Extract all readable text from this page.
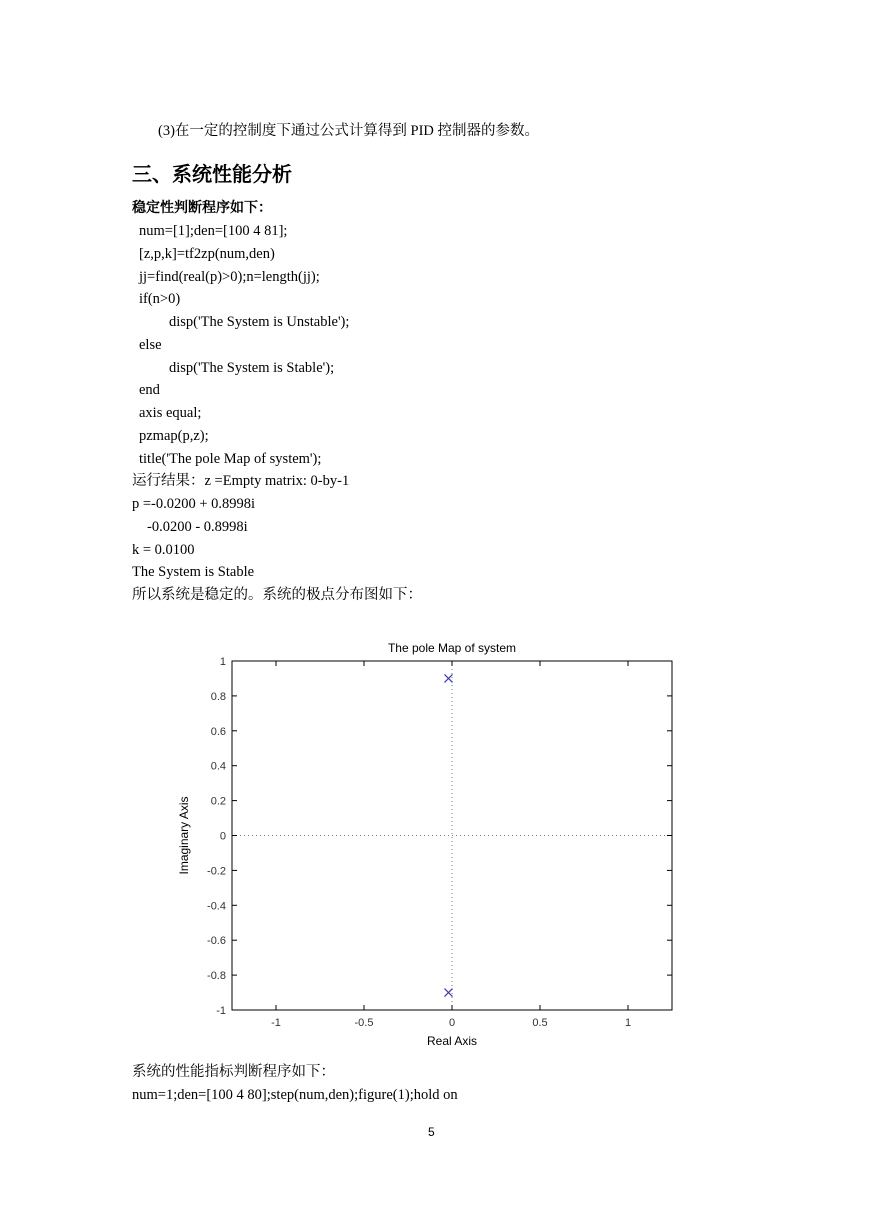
(3)在一定的控制度下通过公式计算得到 PID 控制器的参数。
三、系统性能分析
稳定性判断程序如下：
num=[1];den=[100 4 81];
[z,p,k]=tf2zp(num,den)
jj=find(real(p)>0);n=length(jj);
if(n>0)
disp('The System is Unstable');
else
disp('The System is Stable');
end
axis equal;
pzmap(p,z);
title('The pole Map of system');
运行结果：z =Empty matrix: 0-by-1
p =-0.0200 + 0.8998i
-0.0200 - 0.8998i
k = 0.0100
The System is Stable
所以系统是稳定的。系统的极点分布图如下：
-1	-0.5	0	0.5	1
-1
-0.8
-0.6
-0.4
-0.2
0
0.2
0.4
0.6
0.8
1
The pole Map of system
Real Axis
Imaginary Axis
系统的性能指标判断程序如下：
num=1;den=[100 4 80];step(num,den);figure(1);hold on
5
